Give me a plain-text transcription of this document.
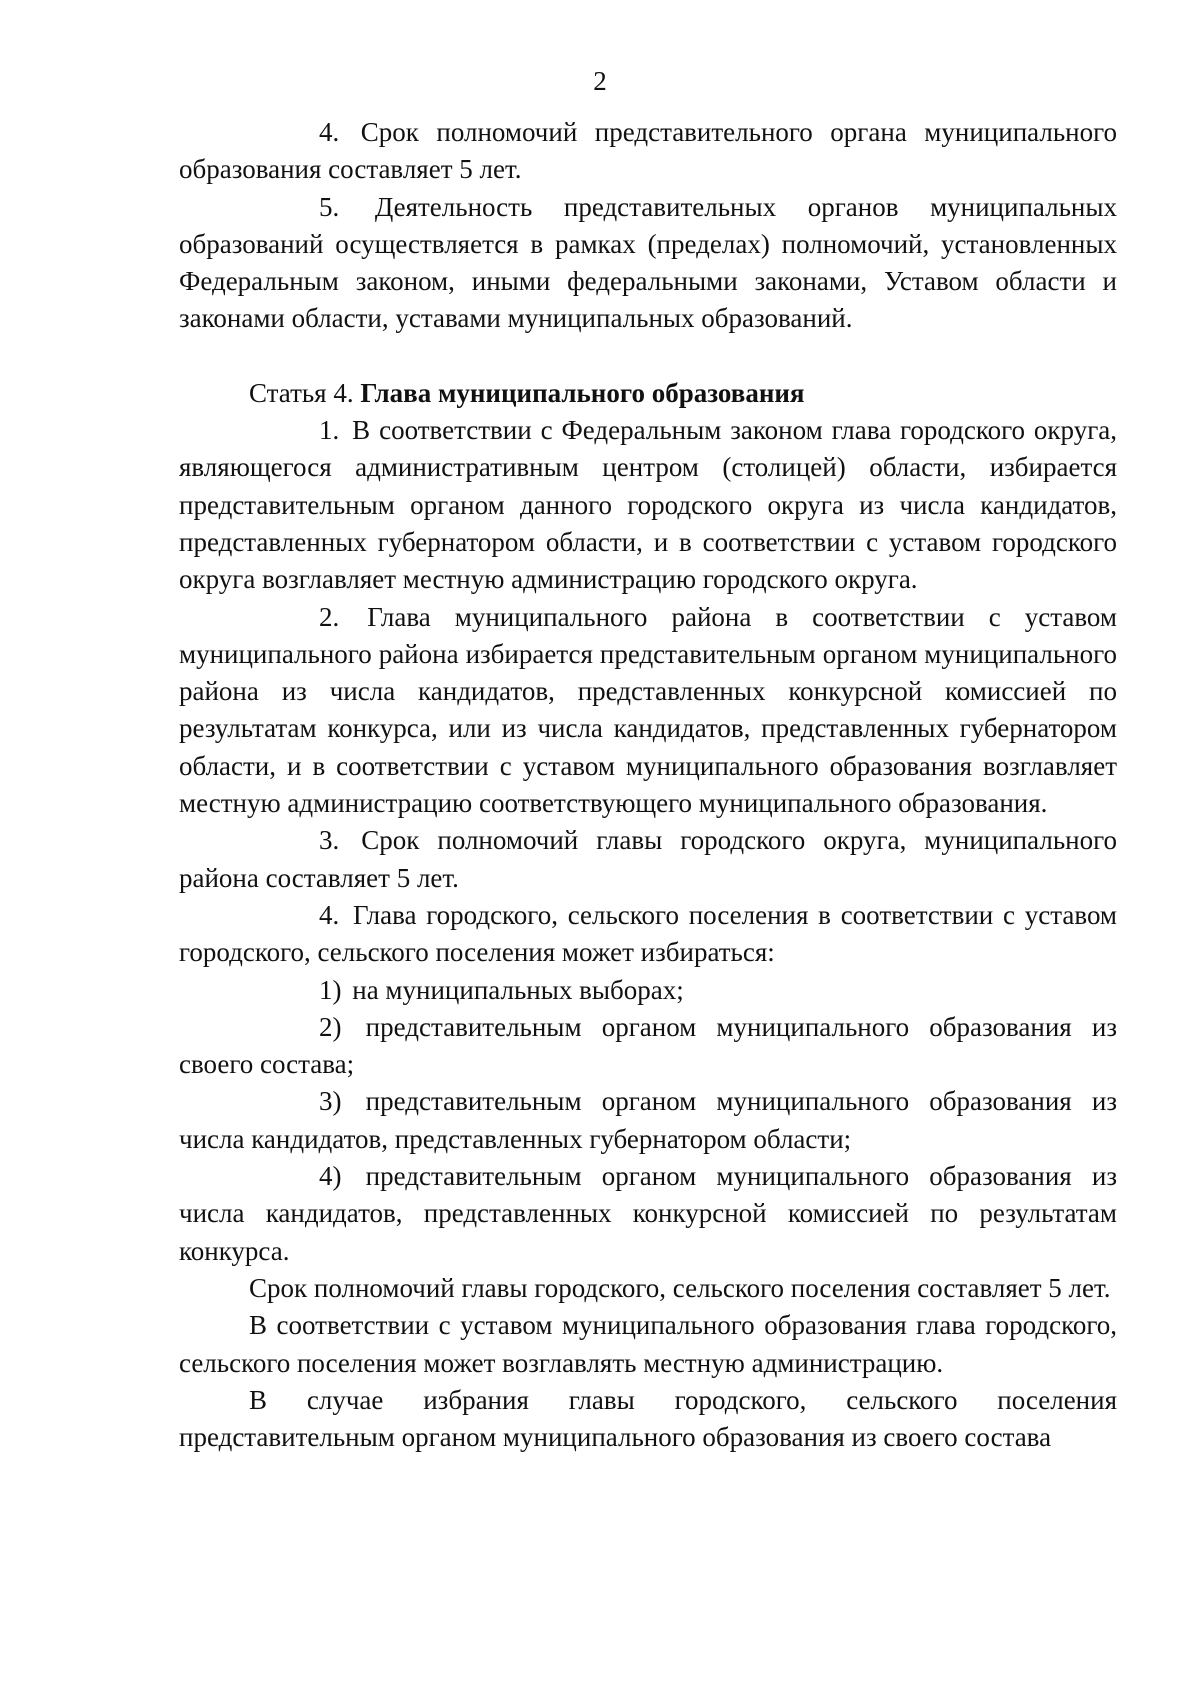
2

4. Срок полномочий представительного органа муниципального образования составляет 5 лет.

5. Деятельность представительных органов муниципальных образований осуществляется в рамках (пределах) полномочий, установленных Федеральным законом, иными федеральными законами, Уставом области и законами области, уставами муниципальных образований.

Статья 4. Глава муниципального образования

1. В соответствии с Федеральным законом глава городского округа, являющегося административным центром (столицей) области, избирается представительным органом данного городского округа из числа кандидатов, представленных губернатором области, и в соответствии с уставом городского округа возглавляет местную администрацию городского округа.

2. Глава муниципального района в соответствии с уставом муниципального района избирается представительным органом муниципального района из числа кандидатов, представленных конкурсной комиссией по результатам конкурса, или из числа кандидатов, представленных губернатором области, и в соответствии с уставом муниципального образования возглавляет местную администрацию соответствующего муниципального образования.

3. Срок полномочий главы городского округа, муниципального района составляет 5 лет.

4. Глава городского, сельского поселения в соответствии с уставом городского, сельского поселения может избираться:

1) на муниципальных выборах;

2) представительным органом муниципального образования из своего состава;

3) представительным органом муниципального образования из числа кандидатов, представленных губернатором области;

4) представительным органом муниципального образования из числа кандидатов, представленных конкурсной комиссией по результатам конкурса.

Срок полномочий главы городского, сельского поселения составляет 5 лет.

В соответствии с уставом муниципального образования глава городского, сельского поселения может возглавлять местную администрацию.

В случае избрания главы городского, сельского поселения представительным органом муниципального образования из своего состава
